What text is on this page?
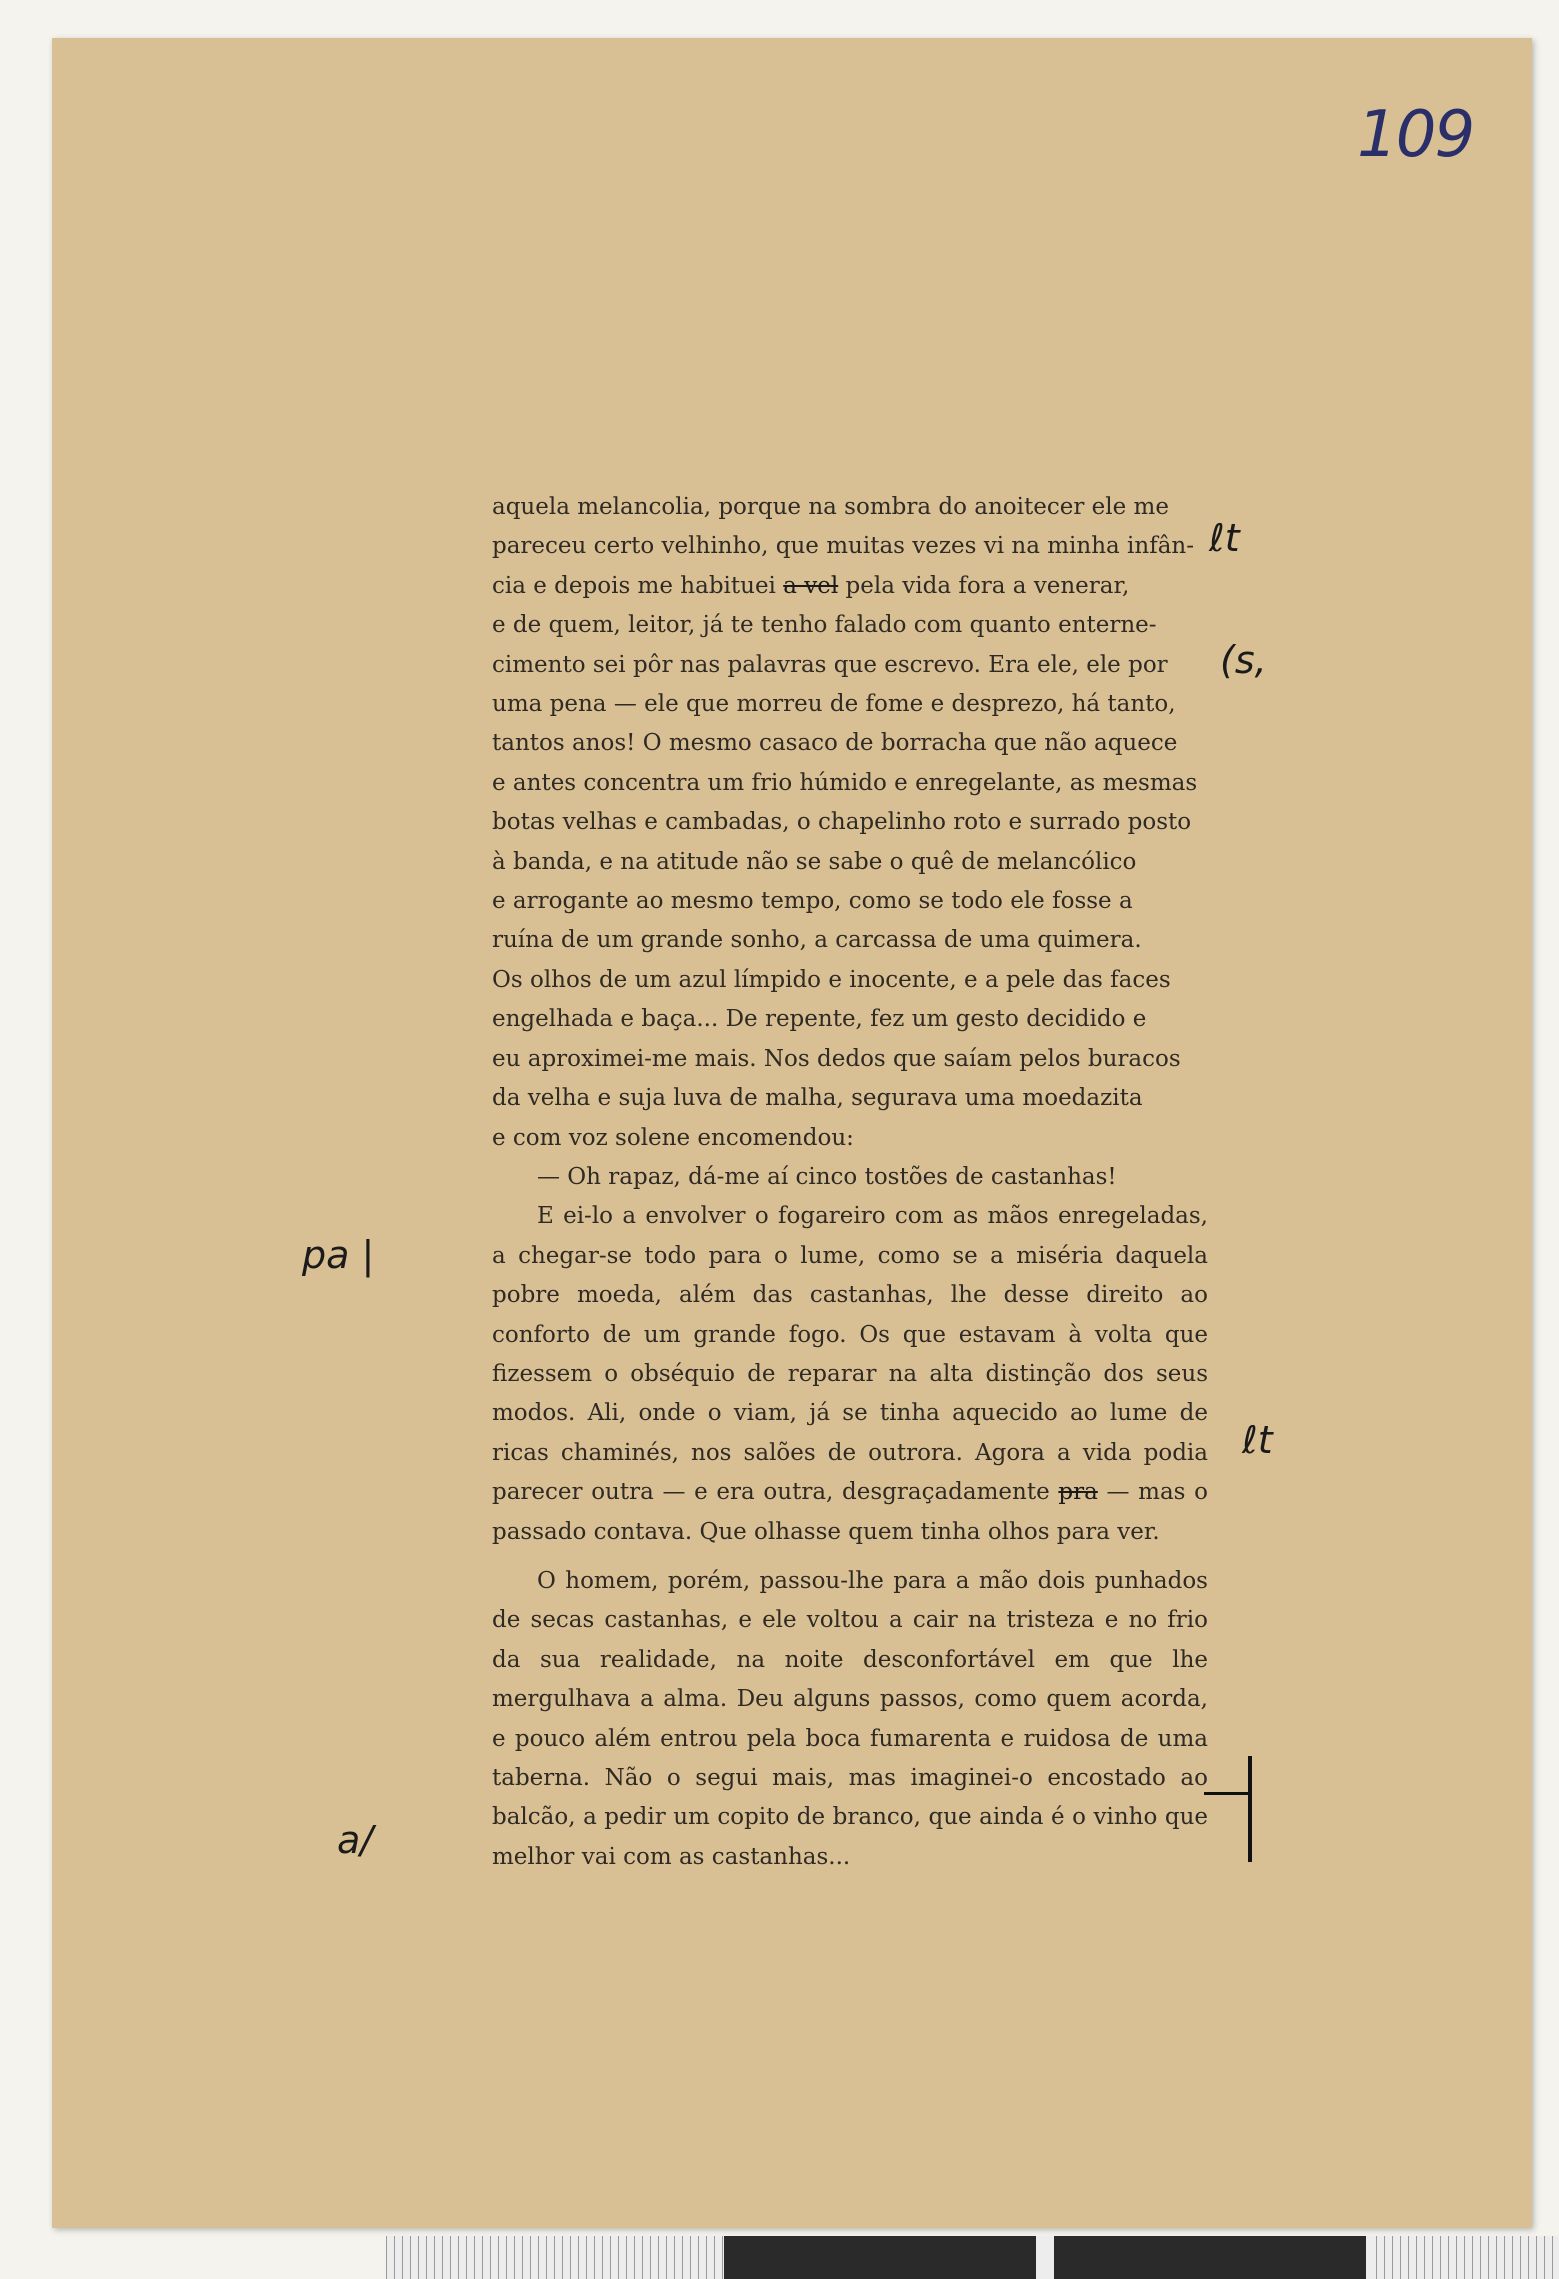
109

aquela melancolia, porque na sombra do anoitecer ele me
pareceu certo velhinho, que muitas vezes vi na minha infân-
cia e depois me habituei a vel pela vida fora a venerar,
e de quem, leitor, já te tenho falado com quanto enterne-
cimento sei pôr nas palavras que escrevo. Era ele, ele por
uma pena — ele que morreu de fome e desprezo, há tanto,
tantos anos! O mesmo casaco de borracha que não aquece
e antes concentra um frio húmido e enregelante, as mesmas
botas velhas e cambadas, o chapelinho roto e surrado posto
à banda, e na atitude não se sabe o quê de melancólico
e arrogante ao mesmo tempo, como se todo ele fosse a
ruína de um grande sonho, a carcassa de uma quimera.
Os olhos de um azul límpido e inocente, e a pele das faces
engelhada e baça... De repente, fez um gesto decidido e
eu aproximei-me mais. Nos dedos que saíam pelos buracos
da velha e suja luva de malha, segurava uma moedazita
e com voz solene encomendou:

— Oh rapaz, dá-me aí cinco tostões de castanhas!

E ei-lo a envolver o fogareiro com as mãos enregeladas, a chegar-se todo para o lume, como se a miséria daquela pobre moeda, além das castanhas, lhe desse direito ao conforto de um grande fogo. Os que estavam à volta que fizessem o obséquio de reparar na alta distinção dos seus modos. Ali, onde o viam, já se tinha aquecido ao lume de ricas chaminés, nos salões de outrora. Agora a vida podia parecer outra — e era outra, desgraçadamente pra — mas o passado contava. Que olhasse quem tinha olhos para ver.

O homem, porém, passou-lhe para a mão dois punhados de secas castanhas, e ele voltou a cair na tristeza e no frio da sua realidade, na noite desconfortável em que lhe mergulhava a alma. Deu alguns passos, como quem acorda, e pouco além entrou pela boca fumarenta e ruidosa de uma taberna. Não o segui mais, mas imaginei-o encostado ao balcão, a pedir um copito de branco, que ainda é o vinho que melhor vai com as castanhas...

ℓt
(s,
ℓt
pa |
a/
